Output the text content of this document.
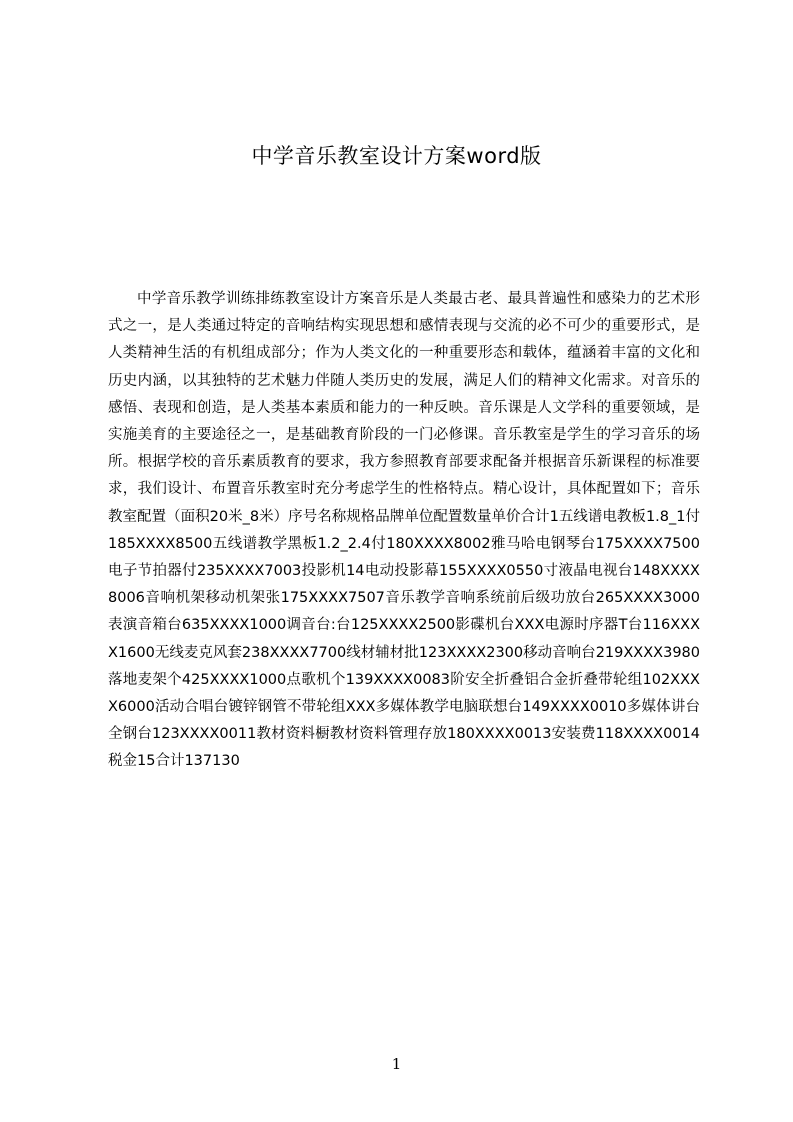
中学音乐教室设计方案word版

中学音乐教学训练排练教室设计方案音乐是人类最古老、最具普遍性和感染力的艺术形式之一，是人类通过特定的音响结构实现思想和感情表现与交流的必不可少的重要形式，是人类精神生活的有机组成部分；作为人类文化的一种重要形态和载体，蕴涵着丰富的文化和历史内涵，以其独特的艺术魅力伴随人类历史的发展，满足人们的精神文化需求。对音乐的感悟、表现和创造，是人类基本素质和能力的一种反映。音乐课是人文学科的重要领域，是实施美育的主要途径之一，是基础教育阶段的一门必修课。音乐教室是学生的学习音乐的场所。根据学校的音乐素质教育的要求，我方参照教育部要求配备并根据音乐新课程的标准要求，我们设计、布置音乐教室时充分考虑学生的性格特点。精心设计，具体配置如下；音乐教室配置（面积20米_8米）序号名称规格品牌单位配置数量单价合计1五线谱电教板1.8_1付185XXXX8500五线谱教学黑板1.2_2.4付180XXXX8002雅马哈电钢琴台175XXXX7500电子节拍器付235XXXX7003投影机14电动投影幕155XXXX0550寸液晶电视台148XXXX8006音响机架移动机架张175XXXX7507音乐教学音响系统前后级功放台265XXXX3000表演音箱台635XXXX1000调音台:台125XXXX2500影碟机台XXX电源时序器T台116XXXX1600无线麦克风套238XXXX7700线材辅材批123XXXX2300移动音响台219XXXX3980落地麦架个425XXXX1000点歌机个139XXXX0083阶安全折叠铝合金折叠带轮组102XXXX6000活动合唱台镀锌钢管不带轮组XXX多媒体教学电脑联想台149XXXX0010多媒体讲台全钢台123XXXX0011教材资料橱教材资料管理存放180XXXX0013安装费118XXXX0014税金15合计137130

1
